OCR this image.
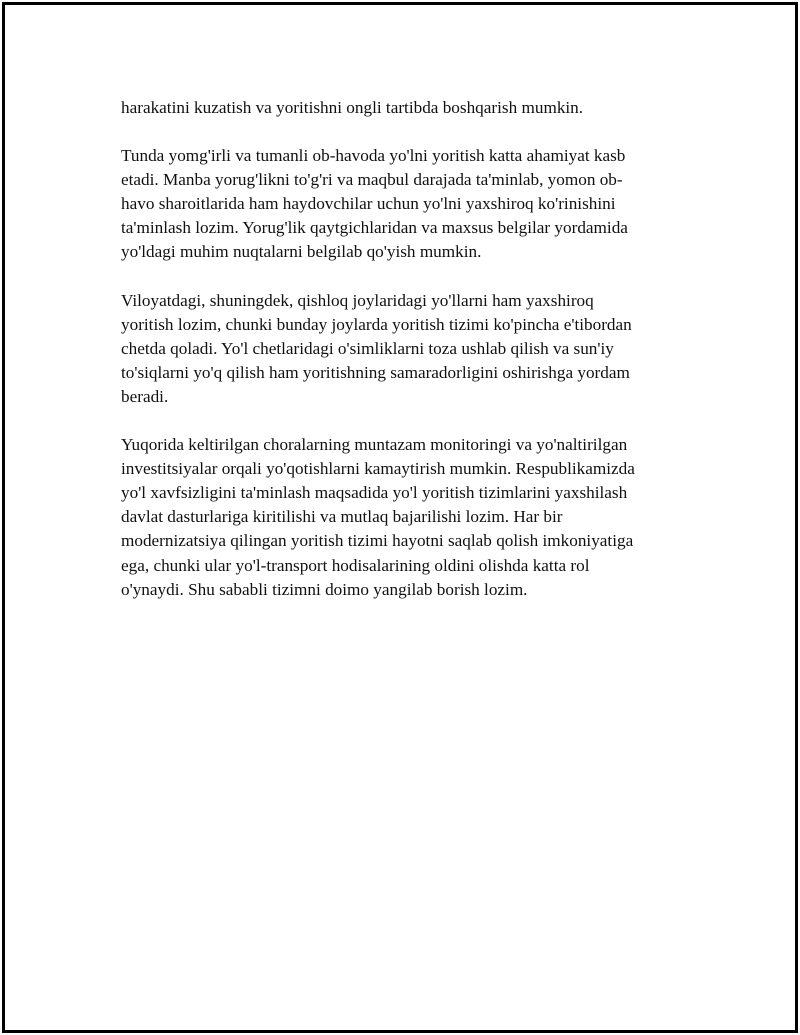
harakatini kuzatish va yoritishni ongli tartibda boshqarish mumkin.

Tunda yomg'irli va tumanli ob-havoda yo'lni yoritish katta ahamiyat kasb
etadi. Manba yorug'likni to'g'ri va maqbul darajada ta'minlab, yomon ob-
havo sharoitlarida ham haydovchilar uchun yo'lni yaxshiroq ko'rinishini
ta'minlash lozim. Yorug'lik qaytgichlaridan va maxsus belgilar yordamida
yo'ldagi muhim nuqtalarni belgilab qo'yish mumkin.

Viloyatdagi, shuningdek, qishloq joylaridagi yo'llarni ham yaxshiroq
yoritish lozim, chunki bunday joylarda yoritish tizimi ko'pincha e'tibordan
chetda qoladi. Yo'l chetlaridagi o'simliklarni toza ushlab qilish va sun'iy
to'siqlarni yo'q qilish ham yoritishning samaradorligini oshirishga yordam
beradi.

Yuqorida keltirilgan choralarning muntazam monitoringi va yo'naltirilgan
investitsiyalar orqali yo'qotishlarni kamaytirish mumkin. Respublikamizda
yo'l xavfsizligini ta'minlash maqsadida yo'l yoritish tizimlarini yaxshilash
davlat dasturlariga kiritilishi va mutlaq bajarilishi lozim. Har bir
modernizatsiya qilingan yoritish tizimi hayotni saqlab qolish imkoniyatiga
ega, chunki ular yo'l-transport hodisalarining oldini olishda katta rol
o'ynaydi. Shu sababli tizimni doimo yangilab borish lozim.
